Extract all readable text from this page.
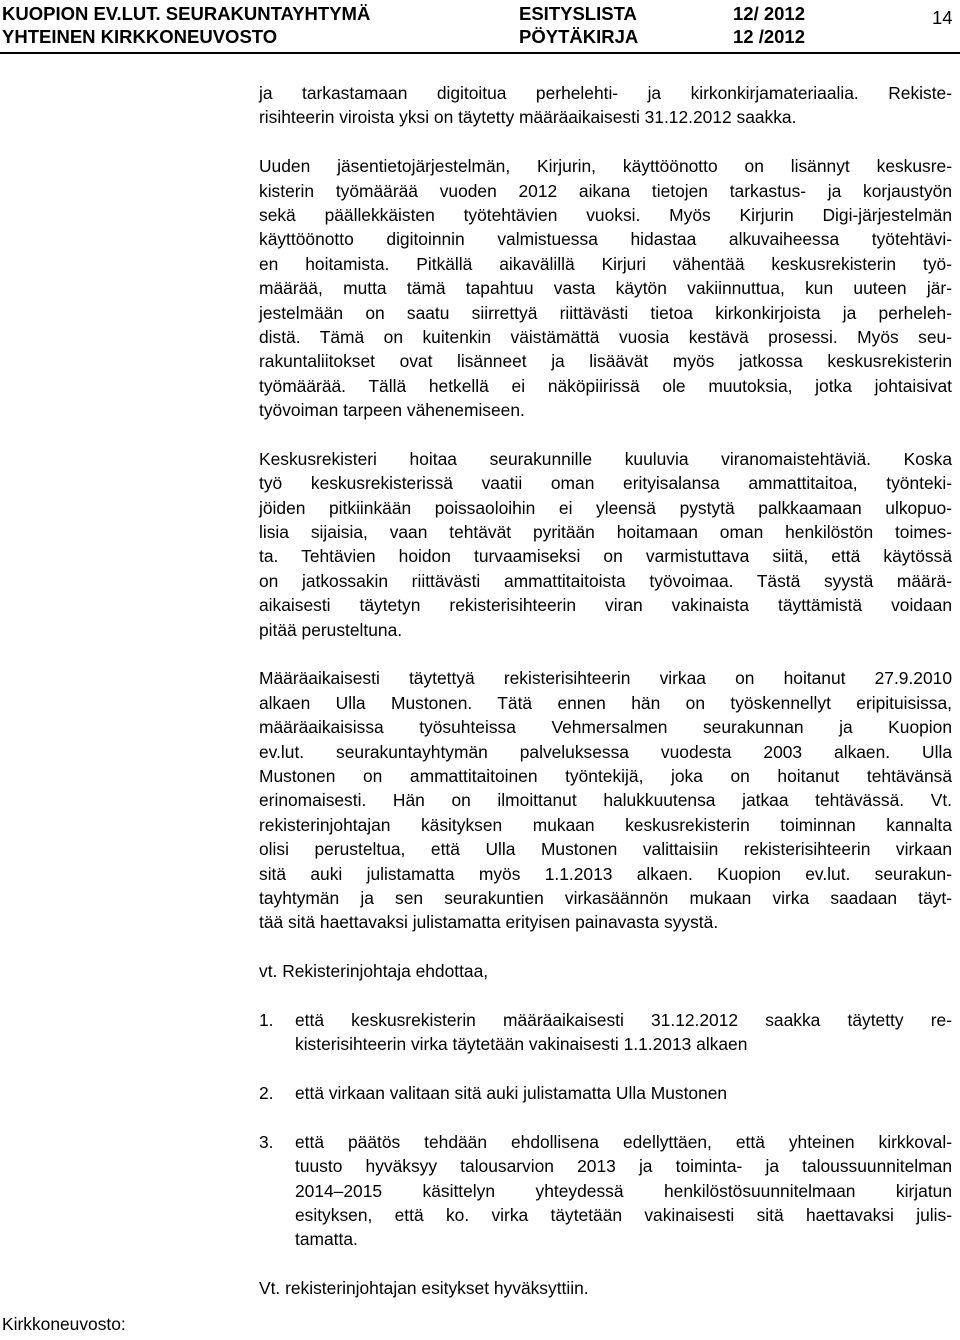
KUOPION EV.LUT. SEURAKUNTAYHTYMÄ	ESITYSLISTA	12/ 2012	14
YHTEINEN KIRKKONEUVOSTO	PÖYTÄKIRJA	12 /2012
ja tarkastamaan digitoitua perhelehti- ja kirkonkirjamateriaalia. Rekiste-
risihteerin viroista yksi on täytetty määräaikaisesti 31.12.2012 saakka.
Uuden jäsentietojärjestelmän, Kirjurin, käyttöönotto on lisännyt keskusre-
kisterin työmäärää vuoden 2012 aikana tietojen tarkastus- ja korjaustyön
sekä päällekkäisten työtehtävien vuoksi. Myös Kirjurin Digi-järjestelmän
käyttöönotto digitoinnin valmistuessa hidastaa alkuvaiheessa työtehtävi-
en hoitamista. Pitkällä aikavälillä Kirjuri vähentää keskusrekisterin työ-
määrää, mutta tämä tapahtuu vasta käytön vakiinnuttua, kun uuteen jär-
jestelmään on saatu siirrettyä riittävästi tietoa kirkonkirjoista ja perheleh-
distä. Tämä on kuitenkin väistämättä vuosia kestävä prosessi. Myös seu-
rakuntaliitokset ovat lisänneet ja lisäävät myös jatkossa keskusrekisterin
työmäärää. Tällä hetkellä ei näköpiirissä ole muutoksia, jotka johtaisivat
työvoiman tarpeen vähenemiseen.
Keskusrekisteri hoitaa seurakunnille kuuluvia viranomaistehtäviä. Koska
työ keskusrekisterissä vaatii oman erityisalansa ammattitaitoa, työnteki-
jöiden pitkiinkään poissaoloihin ei yleensä pystytä palkkaamaan ulkopuo-
lisia sijaisia, vaan tehtävät pyritään hoitamaan oman henkilöstön toimes-
ta. Tehtävien hoidon turvaamiseksi on varmistuttava siitä, että käytössä
on jatkossakin riittävästi ammattitaitoista työvoimaa. Tästä syystä määrä-
aikaisesti täytetyn rekisterisihteerin viran vakinaista täyttämistä voidaan
pitää perusteltuna.
Määräaikaisesti täytettyä rekisterisihteerin virkaa on hoitanut 27.9.2010
alkaen Ulla Mustonen. Tätä ennen hän on työskennellyt eripituisissa,
määräaikaisissa työsuhteissa Vehmersalmen seurakunnan ja Kuopion
ev.lut. seurakuntayhtymän palveluksessa vuodesta 2003 alkaen. Ulla
Mustonen on ammattitaitoinen työntekijä, joka on hoitanut tehtävänsä
erinomaisesti. Hän on ilmoittanut halukkuutensa jatkaa tehtävässä. Vt.
rekisterinjohtajan käsityksen mukaan keskusrekisterin toiminnan kannalta
olisi perusteltua, että Ulla Mustonen valittaisiin rekisterisihteerin virkaan
sitä auki julistamatta myös 1.1.2013 alkaen. Kuopion ev.lut. seurakun-
tayhtymän ja sen seurakuntien virkasäännön mukaan virka saadaan täyt-
tää sitä haettavaksi julistamatta erityisen painavasta syystä.
vt. Rekisterinjohtaja ehdottaa,
1. että keskusrekisterin määräaikaisesti 31.12.2012 saakka täytetty re-
kisterisihteerin virka täytetään vakinaisesti 1.1.2013 alkaen
2. että virkaan valitaan sitä auki julistamatta Ulla Mustonen
3. että päätös tehdään ehdollisena edellyttäen, että yhteinen kirkkoval-
tuusto hyväksyy talousarvion 2013 ja toiminta- ja taloussuunnitelman
2014–2015 käsittelyn yhteydessä henkilöstösuunnitelmaan kirjatun
esityksen, että ko. virka täytetään vakinaisesti sitä haettavaksi julis-
tamatta.
Vt. rekisterinjohtajan esitykset hyväksyttiin.
Kirkkoneuvosto:
